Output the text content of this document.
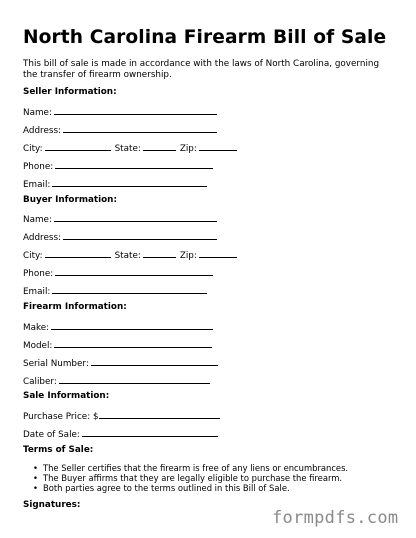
North Carolina Firearm Bill of Sale
This bill of sale is made in accordance with the laws of North Carolina, governing the transfer of firearm ownership.
Seller Information:
Name:
Address:
City:	State:	Zip:
Phone:
Email:
Buyer Information:
Name:
Address:
City:	State:	Zip:
Phone:
Email:
Firearm Information:
Make:
Model:
Serial Number:
Caliber:
Sale Information:
Purchase Price: $
Date of Sale:
Terms of Sale:
• The Seller certifies that the firearm is free of any liens or encumbrances.
• The Buyer affirms that they are legally eligible to purchase the firearm.
• Both parties agree to the terms outlined in this Bill of Sale.
Signatures:
formpdfs.com
